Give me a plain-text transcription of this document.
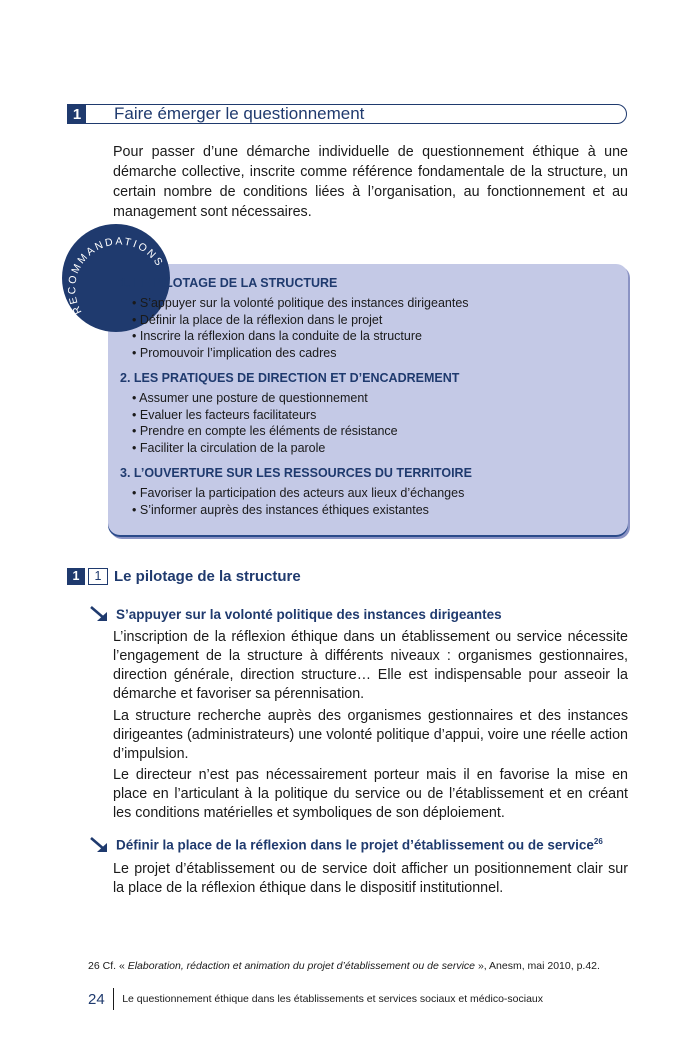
1 Faire émerger le questionnement

Pour passer d’une démarche individuelle de questionnement éthique à une démarche collective, inscrite comme référence fondamentale de la structure, un certain nombre de conditions liées à l’organisation, au fonctionnement et au management sont nécessaires.

RECOMMANDATIONS

1. LE PILOTAGE DE LA STRUCTURE

• S’appuyer sur la volonté politique des instances dirigeantes
• Définir la place de la réflexion dans le projet
• Inscrire la réflexion dans la conduite de la structure
• Promouvoir l’implication des cadres

2. LES PRATIQUES DE DIRECTION ET D’ENCADREMENT

• Assumer une posture de questionnement
• Evaluer les facteurs facilitateurs
• Prendre en compte les éléments de résistance
• Faciliter la circulation de la parole

3. L’OUVERTURE SUR LES RESSOURCES DU TERRITOIRE

• Favoriser la participation des acteurs aux lieux d’échanges
• S’informer auprès des instances éthiques existantes
1	1 Le pilotage de la structure
S’appuyer sur la volonté politique des instances dirigeantes

L’inscription de la réflexion éthique dans un établissement ou service nécessite l’engagement de la structure à différents niveaux : organismes gestionnaires, direction générale, direction structure… Elle est indispensable pour asseoir la démarche et favoriser sa pérennisation.

La structure recherche auprès des organismes gestionnaires et des instances dirigeantes (administrateurs) une volonté politique d’appui, voire une réelle action d’impulsion.

Le directeur n’est pas nécessairement porteur mais il en favorise la mise en place en l’articulant à la politique du service ou de l’établissement et en créant les conditions matérielles et symboliques de son déploiement.

Définir la place de la réflexion dans le projet d’établissement ou de service$^{26}$

Le projet d’établissement ou de service doit afficher un positionnement clair sur la place de la réflexion éthique dans le dispositif institutionnel.

26 Cf. « Elaboration, rédaction et animation du projet d’établissement ou de service », Anesm, mai 2010, p.42.
24 Le questionnement éthique dans les établissements et services sociaux et médico-sociaux
